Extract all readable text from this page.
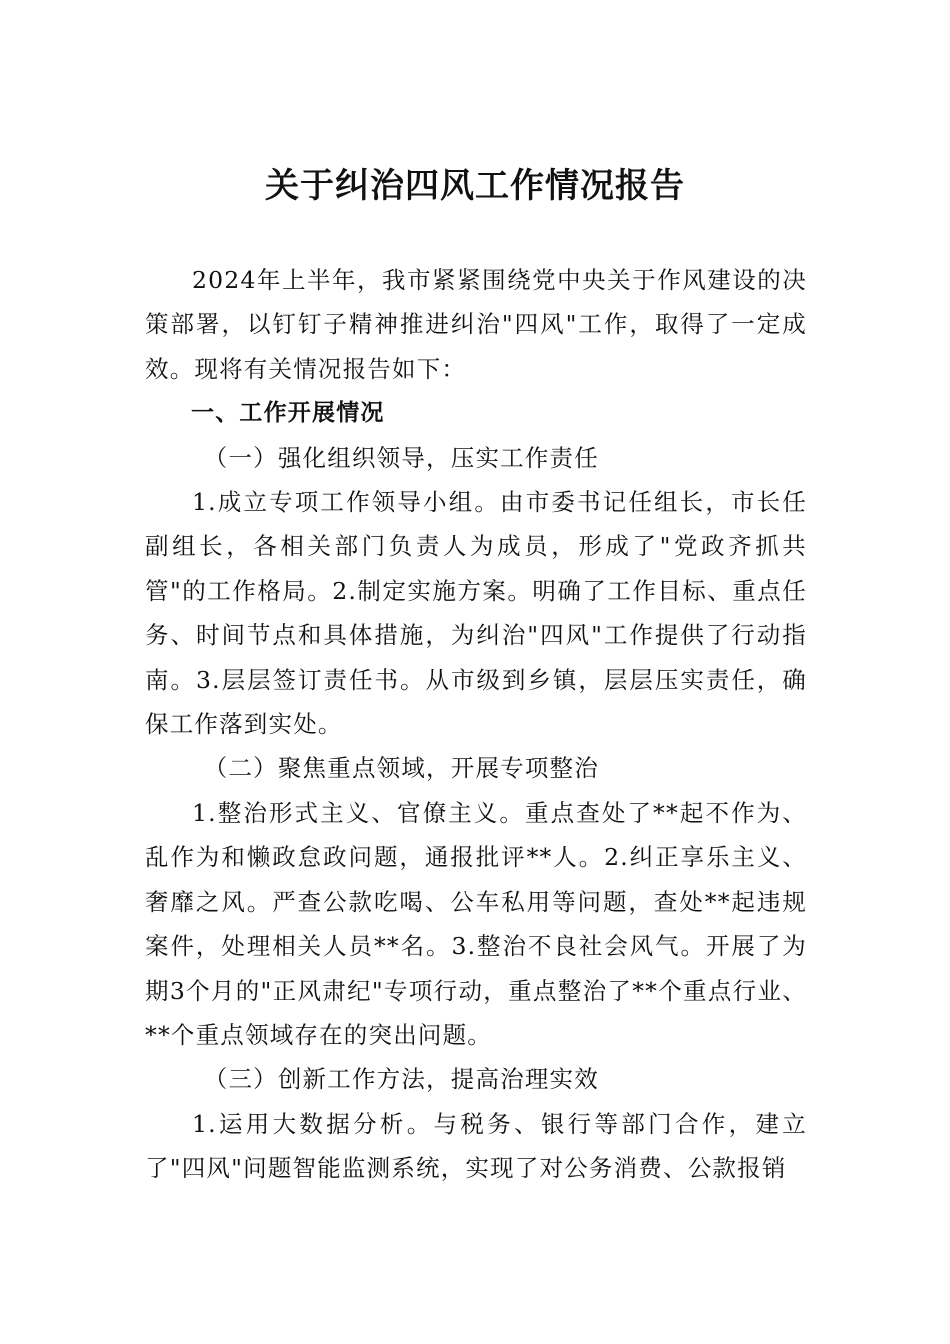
关于纠治四风工作情况报告

2024年上半年，我市紧紧围绕党中央关于作风建设的决策部署，以钉钉子精神推进纠治"四风"工作，取得了一定成效。现将有关情况报告如下：

一、工作开展情况

（一）强化组织领导，压实工作责任

1.成立专项工作领导小组。由市委书记任组长，市长任副组长，各相关部门负责人为成员，形成了"党政齐抓共管"的工作格局。2.制定实施方案。明确了工作目标、重点任务、时间节点和具体措施，为纠治"四风"工作提供了行动指南。3.层层签订责任书。从市级到乡镇，层层压实责任，确保工作落到实处。

（二）聚焦重点领域，开展专项整治

1.整治形式主义、官僚主义。重点查处了**起不作为、乱作为和懒政怠政问题，通报批评**人。2.纠正享乐主义、奢靡之风。严查公款吃喝、公车私用等问题，查处**起违规案件，处理相关人员**名。3.整治不良社会风气。开展了为期3个月的"正风肃纪"专项行动，重点整治了**个重点行业、**个重点领域存在的突出问题。

（三）创新工作方法，提高治理实效

1.运用大数据分析。与税务、银行等部门合作，建立了"四风"问题智能监测系统，实现了对公务消费、公款报销
